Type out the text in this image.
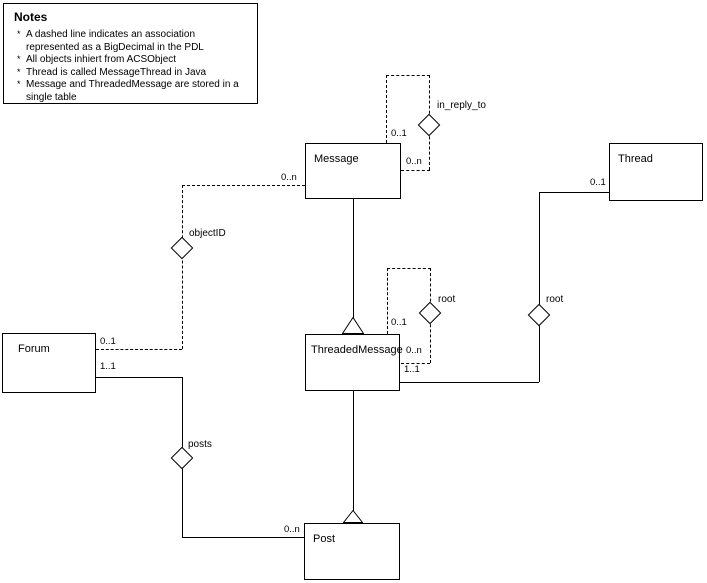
Notes
* A dashed line indicates an association represented as a BigDecimal in the PDL
* All objects inhiert from ACSObject
* Thread is called MessageThread in Java
* Message and ThreadedMessage are stored in a single table
in_reply_to
0..1
0..n
objectID
0..1
0..n
root
0..1
0..n
root
0..1
1..1
posts
1..1
0..n
Message	Thread
ThreadedMessage
Forum
Post
